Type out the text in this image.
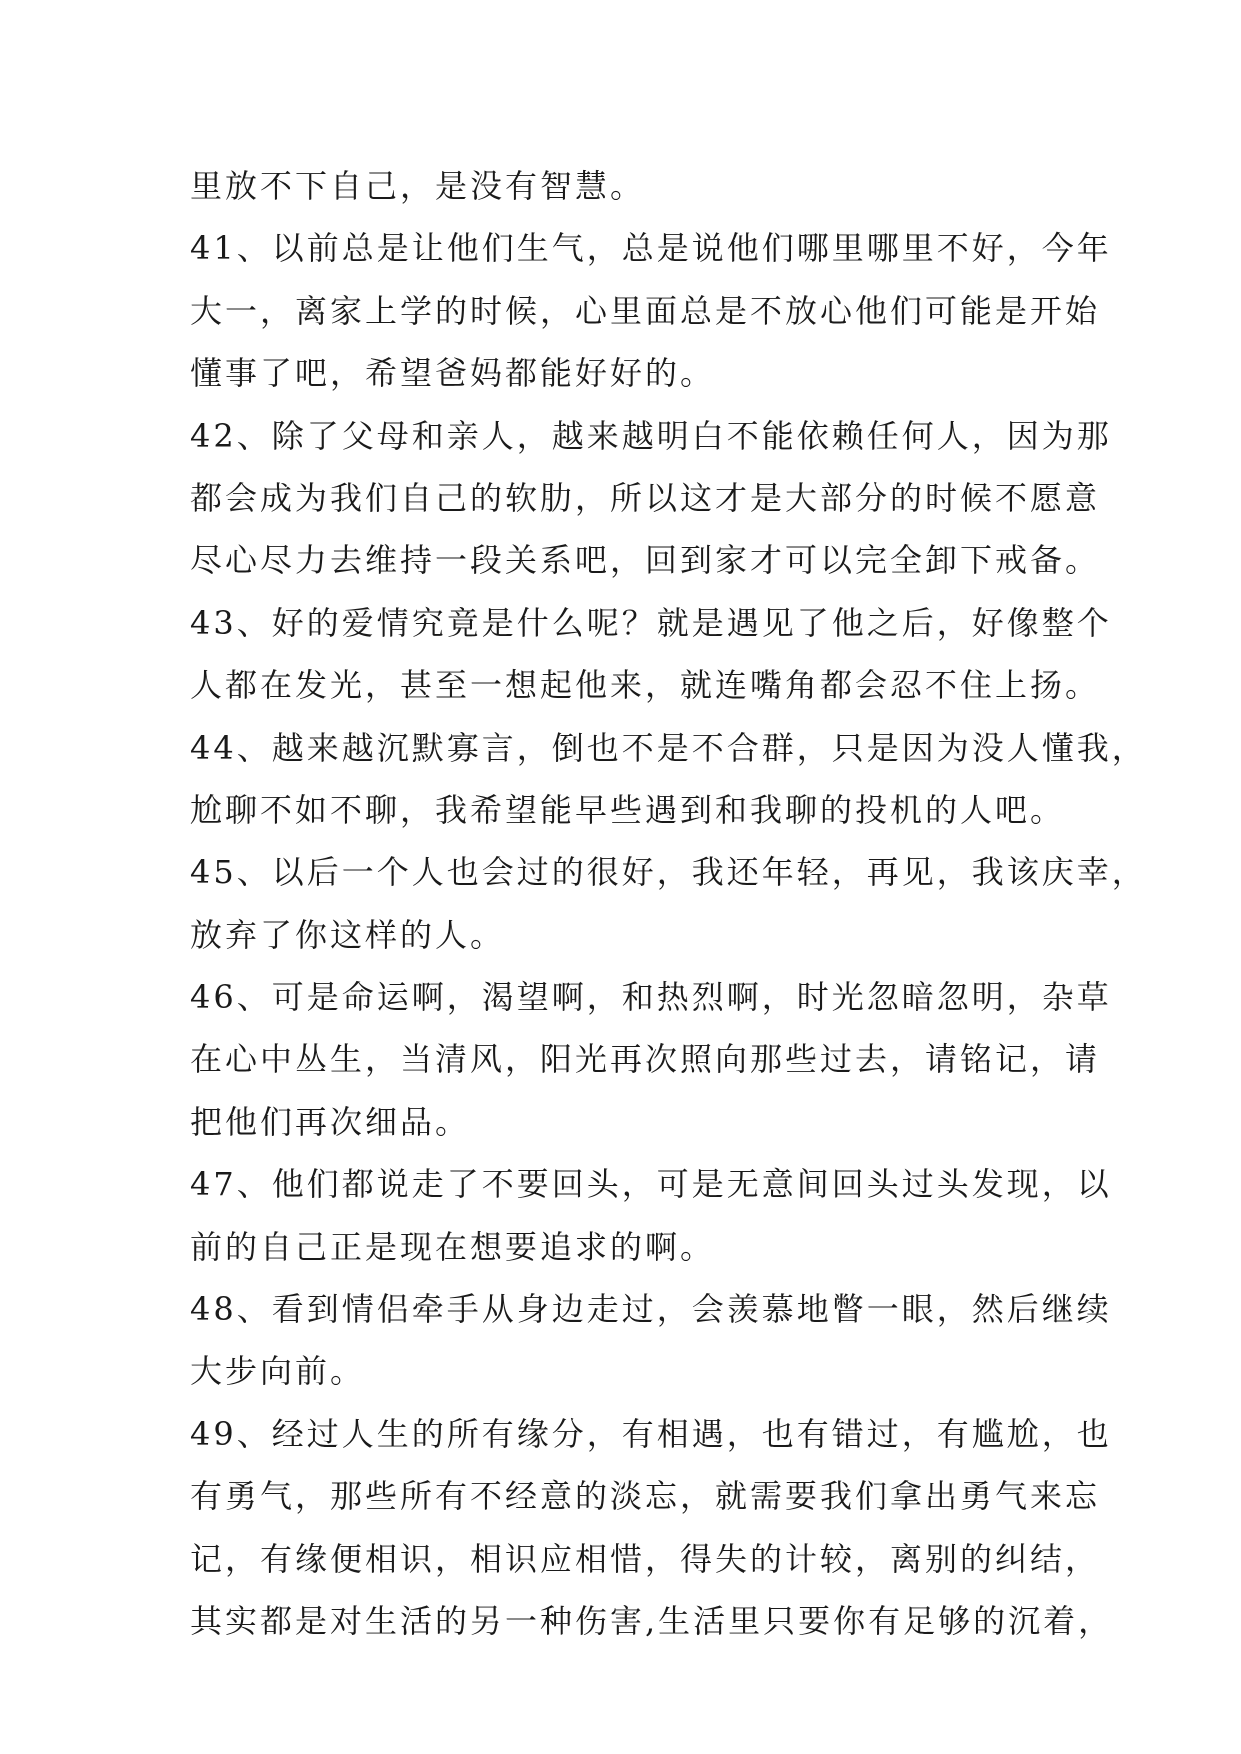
里放不下自己，是没有智慧。
41、以前总是让他们生气，总是说他们哪里哪里不好，今年
大一，离家上学的时候，心里面总是不放心他们可能是开始
懂事了吧，希望爸妈都能好好的。
42、除了父母和亲人，越来越明白不能依赖任何人，因为那
都会成为我们自己的软肋，所以这才是大部分的时候不愿意
尽心尽力去维持一段关系吧，回到家才可以完全卸下戒备。
43、好的爱情究竟是什么呢？就是遇见了他之后，好像整个
人都在发光，甚至一想起他来，就连嘴角都会忍不住上扬。
44、越来越沉默寡言，倒也不是不合群，只是因为没人懂我，
尬聊不如不聊，我希望能早些遇到和我聊的投机的人吧。
45、以后一个人也会过的很好，我还年轻，再见，我该庆幸，
放弃了你这样的人。
46、可是命运啊，渴望啊，和热烈啊，时光忽暗忽明，杂草
在心中丛生，当清风，阳光再次照向那些过去，请铭记，请
把他们再次细品。
47、他们都说走了不要回头，可是无意间回头过头发现，以
前的自己正是现在想要追求的啊。
48、看到情侣牵手从身边走过，会羡慕地瞥一眼，然后继续
大步向前。
49、经过人生的所有缘分，有相遇，也有错过，有尴尬，也
有勇气，那些所有不经意的淡忘，就需要我们拿出勇气来忘
记，有缘便相识，相识应相惜，得失的计较，离别的纠结，
其实都是对生活的另一种伤害,生活里只要你有足够的沉着，
